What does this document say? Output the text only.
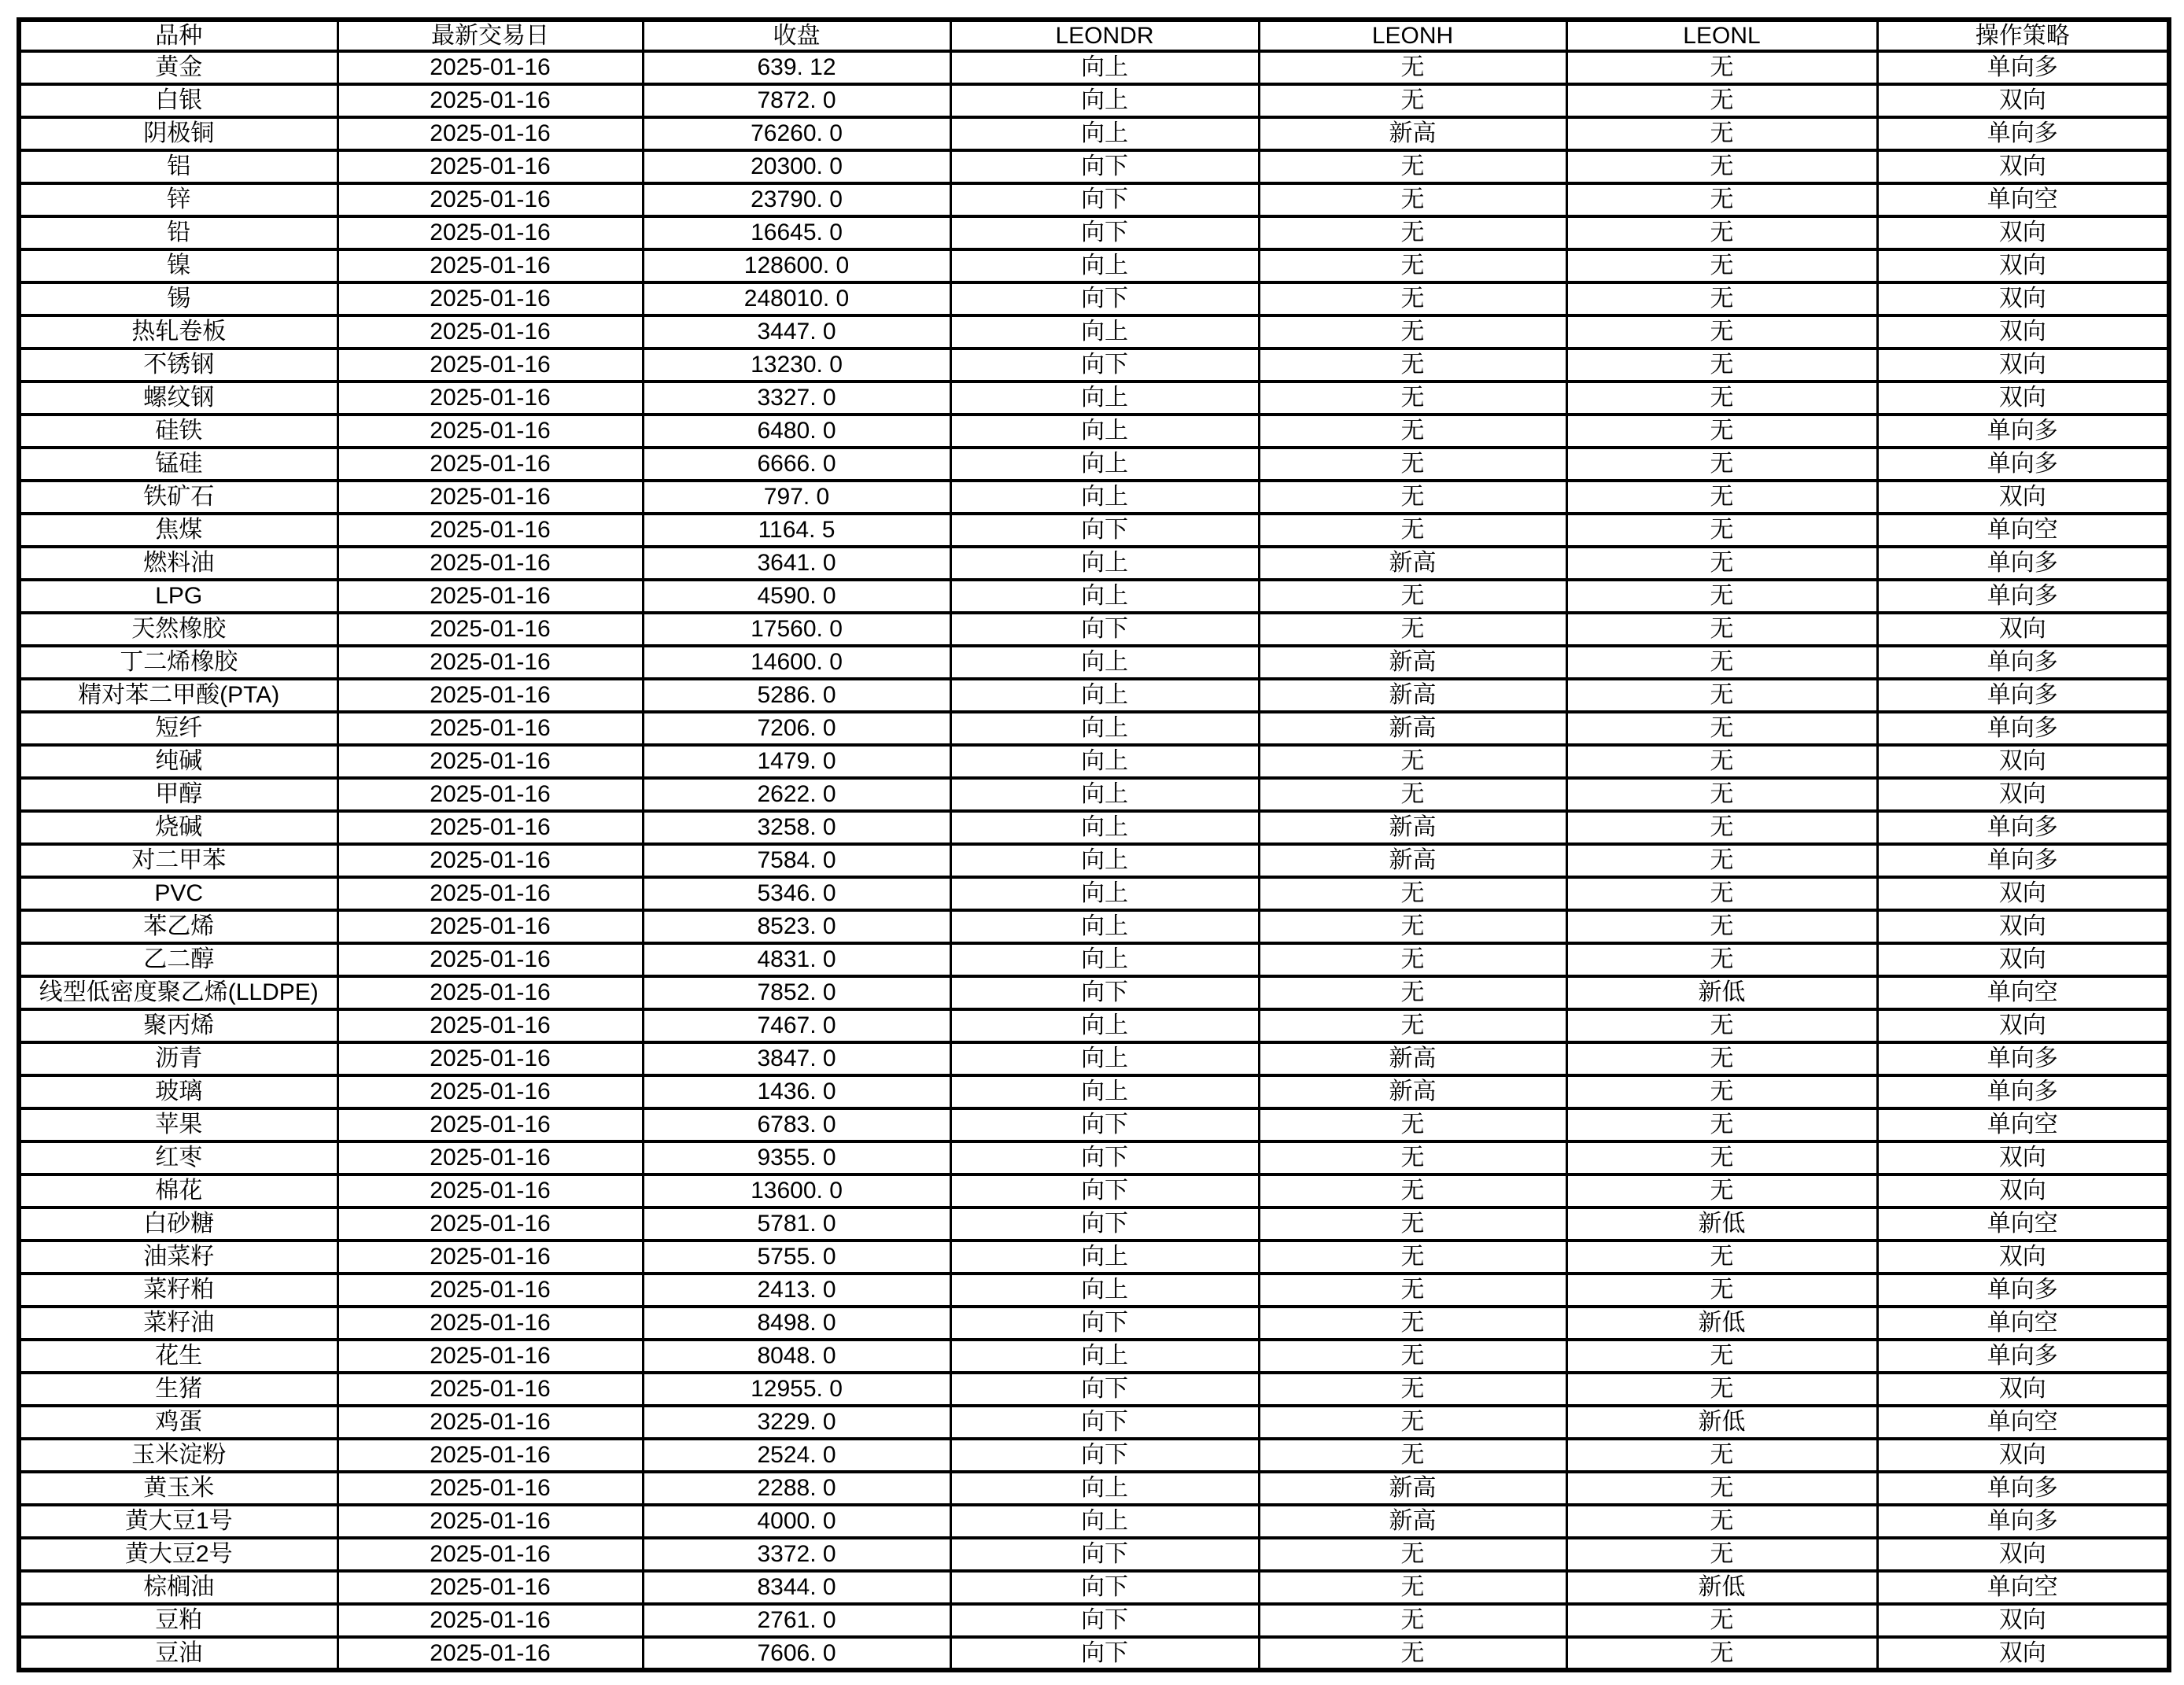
品种	最新交易日	收盘	LEONDR	LEONH	LEONL	操作策略
黄金	2025-01-16	639. 12	向上	无	无	单向多
白银	2025-01-16	7872. 0	向上	无	无	双向
阴极铜	2025-01-16	76260. 0	向上	新高	无	单向多
铝	2025-01-16	20300. 0	向下	无	无	双向
锌	2025-01-16	23790. 0	向下	无	无	单向空
铅	2025-01-16	16645. 0	向下	无	无	双向
镍	2025-01-16	128600. 0	向上	无	无	双向
锡	2025-01-16	248010. 0	向下	无	无	双向
热轧卷板	2025-01-16	3447. 0	向上	无	无	双向
不锈钢	2025-01-16	13230. 0	向下	无	无	双向
螺纹钢	2025-01-16	3327. 0	向上	无	无	双向
硅铁	2025-01-16	6480. 0	向上	无	无	单向多
锰硅	2025-01-16	6666. 0	向上	无	无	单向多
铁矿石	2025-01-16	797. 0	向上	无	无	双向
焦煤	2025-01-16	1164. 5	向下	无	无	单向空
燃料油	2025-01-16	3641. 0	向上	新高	无	单向多
LPG	2025-01-16	4590. 0	向上	无	无	单向多
天然橡胶	2025-01-16	17560. 0	向下	无	无	双向
丁二烯橡胶	2025-01-16	14600. 0	向上	新高	无	单向多
精对苯二甲酸(PTA)	2025-01-16	5286. 0	向上	新高	无	单向多
短纤	2025-01-16	7206. 0	向上	新高	无	单向多
纯碱	2025-01-16	1479. 0	向上	无	无	双向
甲醇	2025-01-16	2622. 0	向上	无	无	双向
烧碱	2025-01-16	3258. 0	向上	新高	无	单向多
对二甲苯	2025-01-16	7584. 0	向上	新高	无	单向多
PVC	2025-01-16	5346. 0	向上	无	无	双向
苯乙烯	2025-01-16	8523. 0	向上	无	无	双向
乙二醇	2025-01-16	4831. 0	向上	无	无	双向
线型低密度聚乙烯(LLDPE)	2025-01-16	7852. 0	向下	无	新低	单向空
聚丙烯	2025-01-16	7467. 0	向上	无	无	双向
沥青	2025-01-16	3847. 0	向上	新高	无	单向多
玻璃	2025-01-16	1436. 0	向上	新高	无	单向多
苹果	2025-01-16	6783. 0	向下	无	无	单向空
红枣	2025-01-16	9355. 0	向下	无	无	双向
棉花	2025-01-16	13600. 0	向下	无	无	双向
白砂糖	2025-01-16	5781. 0	向下	无	新低	单向空
油菜籽	2025-01-16	5755. 0	向上	无	无	双向
菜籽粕	2025-01-16	2413. 0	向上	无	无	单向多
菜籽油	2025-01-16	8498. 0	向下	无	新低	单向空
花生	2025-01-16	8048. 0	向上	无	无	单向多
生猪	2025-01-16	12955. 0	向下	无	无	双向
鸡蛋	2025-01-16	3229. 0	向下	无	新低	单向空
玉米淀粉	2025-01-16	2524. 0	向下	无	无	双向
黄玉米	2025-01-16	2288. 0	向上	新高	无	单向多
黄大豆1号	2025-01-16	4000. 0	向上	新高	无	单向多
黄大豆2号	2025-01-16	3372. 0	向下	无	无	双向
棕榈油	2025-01-16	8344. 0	向下	无	新低	单向空
豆粕	2025-01-16	2761. 0	向下	无	无	双向
豆油	2025-01-16	7606. 0	向下	无	无	双向
